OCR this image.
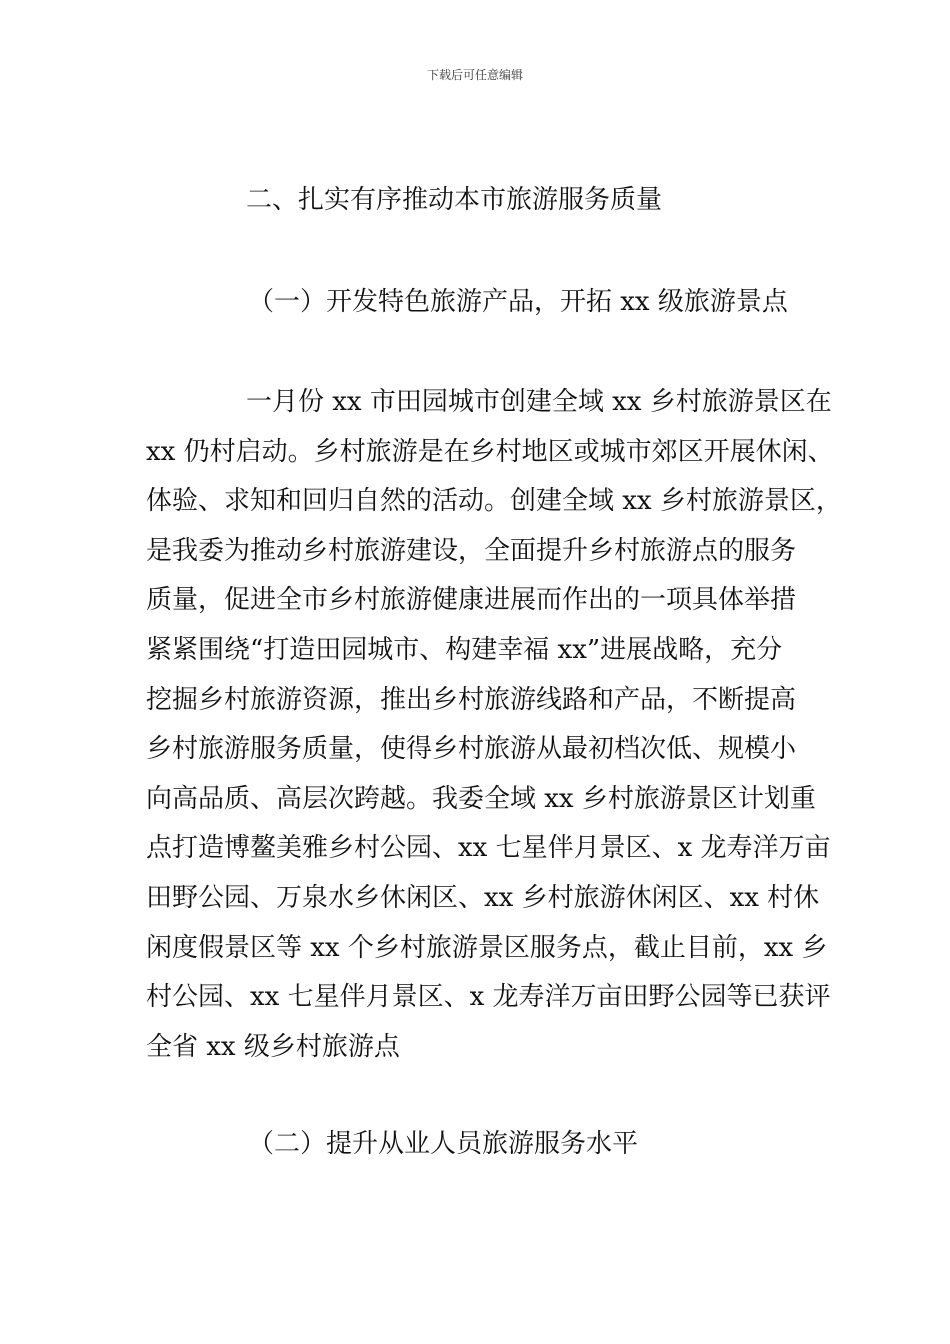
下载后可任意编辑
二、扎实有序推动本市旅游服务质量
（一）开发特色旅游产品，开拓 xx 级旅游景点
一月份 xx 市田园城市创建全域 xx 乡村旅游景区在
xx 仍村启动。乡村旅游是在乡村地区或城市郊区开展休闲、
体验、求知和回归自然的活动。创建全域 xx 乡村旅游景区，
是我委为推动乡村旅游建设，全面提升乡村旅游点的服务
质量，促进全市乡村旅游健康进展而作出的一项具体举措
紧紧围绕“打造田园城市、构建幸福 xx”进展战略，充分
挖掘乡村旅游资源，推出乡村旅游线路和产品，不断提高
乡村旅游服务质量，使得乡村旅游从最初档次低、规模小
向高品质、高层次跨越。我委全域 xx 乡村旅游景区计划重
点打造博鳌美雅乡村公园、xx 七星伴月景区、x 龙寿洋万亩
田野公园、万泉水乡休闲区、xx 乡村旅游休闲区、xx 村休
闲度假景区等 xx 个乡村旅游景区服务点，截止目前，xx 乡
村公园、xx 七星伴月景区、x 龙寿洋万亩田野公园等已获评
全省 xx 级乡村旅游点
（二）提升从业人员旅游服务水平
